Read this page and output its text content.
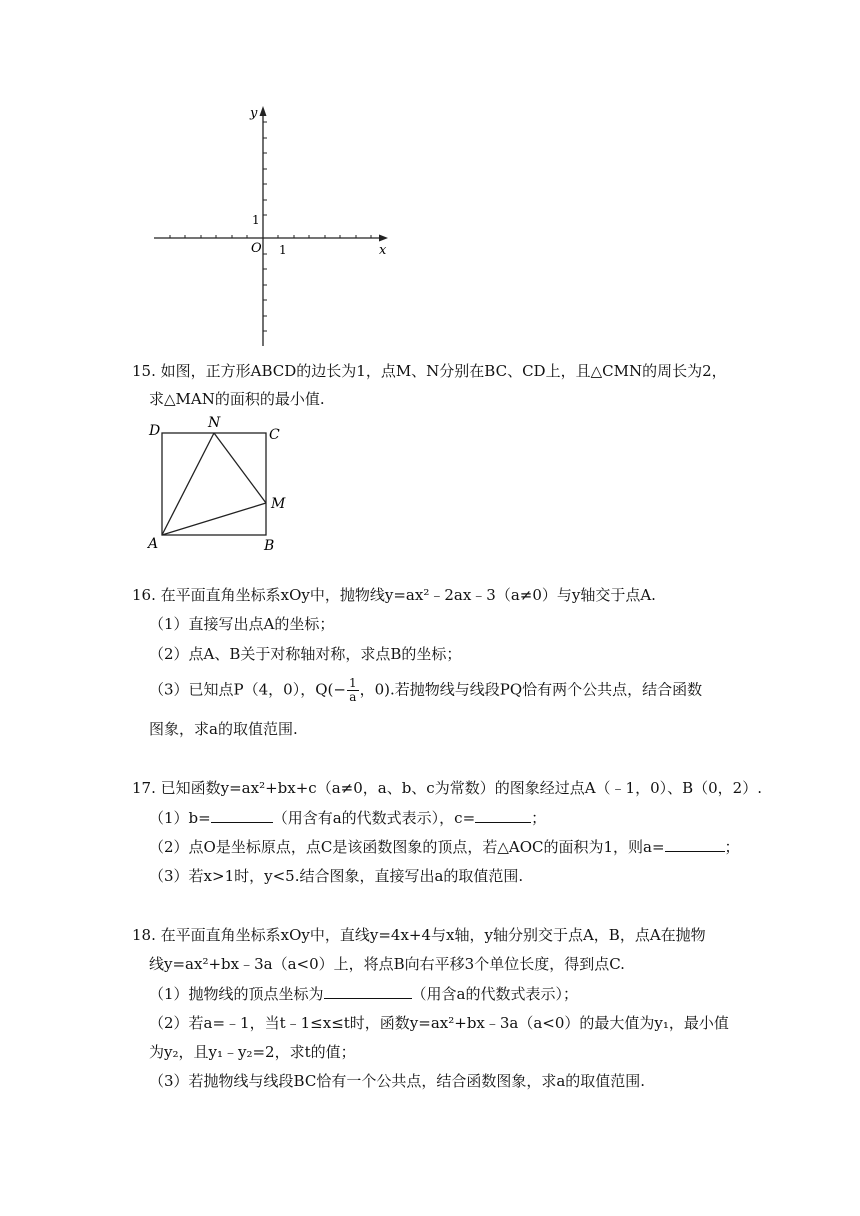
y
x
O
1
1
15. 如图，正方形ABCD的边长为1，点M、N分别在BC、CD上，且△CMN的周长为2，
求△MAN的面积的最小值.
D	N
C
M
A	B
16. 在平面直角坐标系xOy中，抛物线y=ax²﹣2ax﹣3（a≠0）与y轴交于点A.
（1）直接写出点A的坐标；
（2）点A、B关于对称轴对称，求点B的坐标；
（3）已知点P（4，0），$Q(- \frac{1}{a}$ ，0).若抛物线与线段PQ恰有两个公共点，结合函数
图象，求a的取值范围.
17. 已知函数y=ax²+bx+c（a≠0，a、b、c为常数）的图象经过点A（﹣1，0）、B（0，2）.
（1）b=	（用含有a的代数式表示），c=	；
（2）点O是坐标原点，点C是该函数图象的顶点，若△AOC的面积为1，则a=	；
（3）若x>1时，y<5.结合图象，直接写出a的取值范围.
18. 在平面直角坐标系xOy中，直线y=4x+4与x轴，y轴分别交于点A，B，点A在抛物
线y=ax²+bx﹣3a（a<0）上，将点B向右平移3个单位长度，得到点C.
（1）抛物线的顶点坐标为	（用含a的代数式表示）；
（2）若a=﹣1，当t﹣1≤x≤t时，函数y=ax²+bx﹣3a（a<0）的最大值为y₁，最小值
为y₂，且y₁﹣y₂=2，求t的值；
（3）若抛物线与线段BC恰有一个公共点，结合函数图象，求a的取值范围.
